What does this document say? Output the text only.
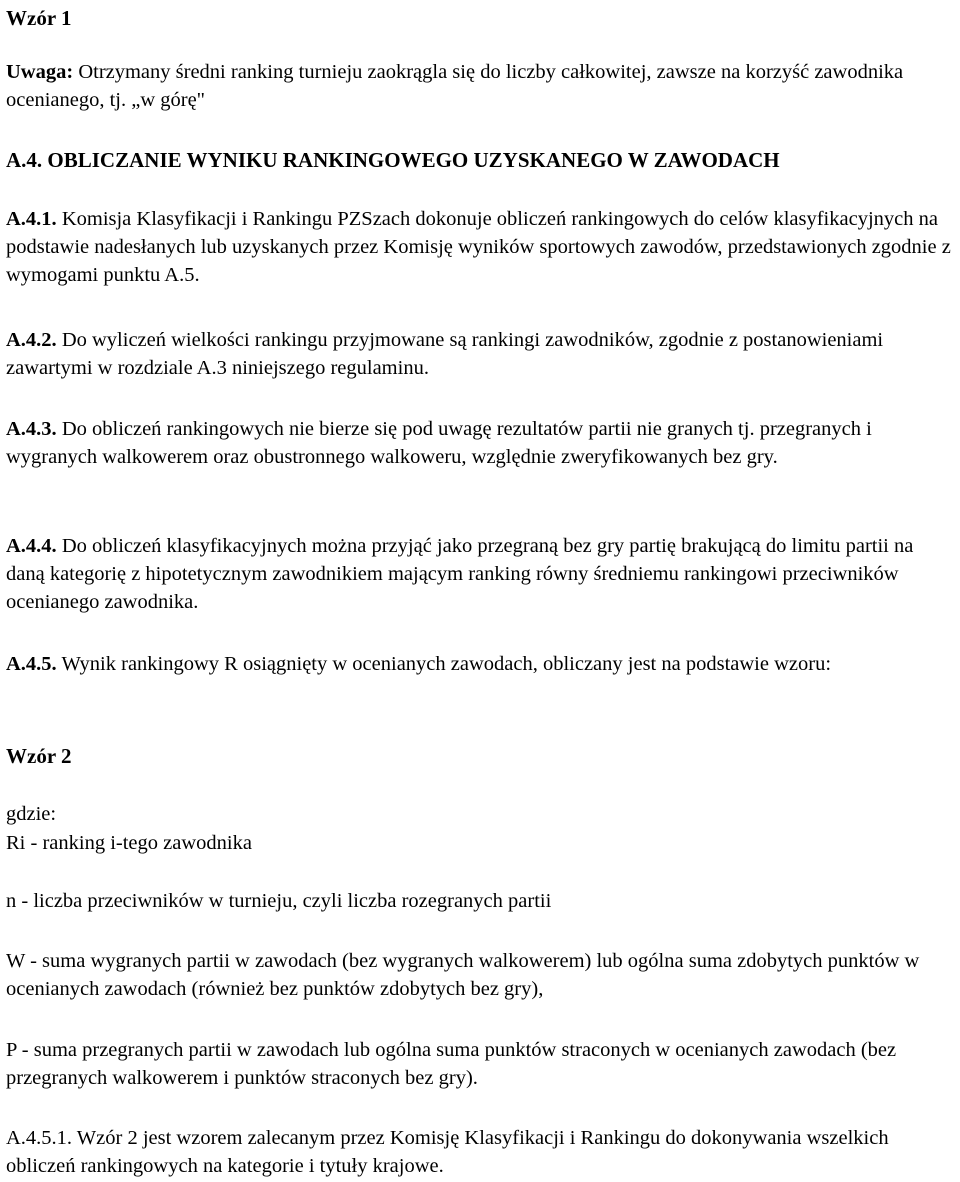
Wzór 1

Uwaga: Otrzymany średni ranking turnieju zaokrągla się do liczby całkowitej, zawsze na korzyść zawodnika ocenianego, tj. „w górę"

A.4. OBLICZANIE WYNIKU RANKINGOWEGO UZYSKANEGO W ZAWODACH

A.4.1. Komisja Klasyfikacji i Rankingu PZSzach dokonuje obliczeń rankingowych do celów klasyfikacyjnych na podstawie nadesłanych lub uzyskanych przez Komisję wyników sportowych zawodów, przedstawionych zgodnie z wymogami punktu A.5.

A.4.2. Do wyliczeń wielkości rankingu przyjmowane są rankingi zawodników, zgodnie z postanowieniami zawartymi w rozdziale A.3 niniejszego regulaminu.

A.4.3. Do obliczeń rankingowych nie bierze się pod uwagę rezultatów partii nie granych tj. przegranych i wygranych walkowerem oraz obustronnego walkoweru, względnie zweryfikowanych bez gry.

A.4.4. Do obliczeń klasyfikacyjnych można przyjąć jako przegraną bez gry partię brakującą do limitu partii na daną kategorię z hipotetycznym zawodnikiem mającym ranking równy średniemu rankingowi przeciwników ocenianego zawodnika.

A.4.5. Wynik rankingowy R osiągnięty w ocenianych zawodach, obliczany jest na podstawie wzoru:

Wzór 2
gdzie:
Ri - ranking i-tego zawodnika
n - liczba przeciwników w turnieju, czyli liczba rozegranych partii

W - suma wygranych partii w zawodach (bez wygranych walkowerem) lub ogólna suma zdobytych punktów w ocenianych zawodach (również bez punktów zdobytych bez gry),

P - suma przegranych partii w zawodach lub ogólna suma punktów straconych w ocenianych zawodach (bez przegranych walkowerem i punktów straconych bez gry).

A.4.5.1. Wzór 2 jest wzorem zalecanym przez Komisję Klasyfikacji i Rankingu do dokonywania wszelkich obliczeń rankingowych na kategorie i tytuły krajowe.
